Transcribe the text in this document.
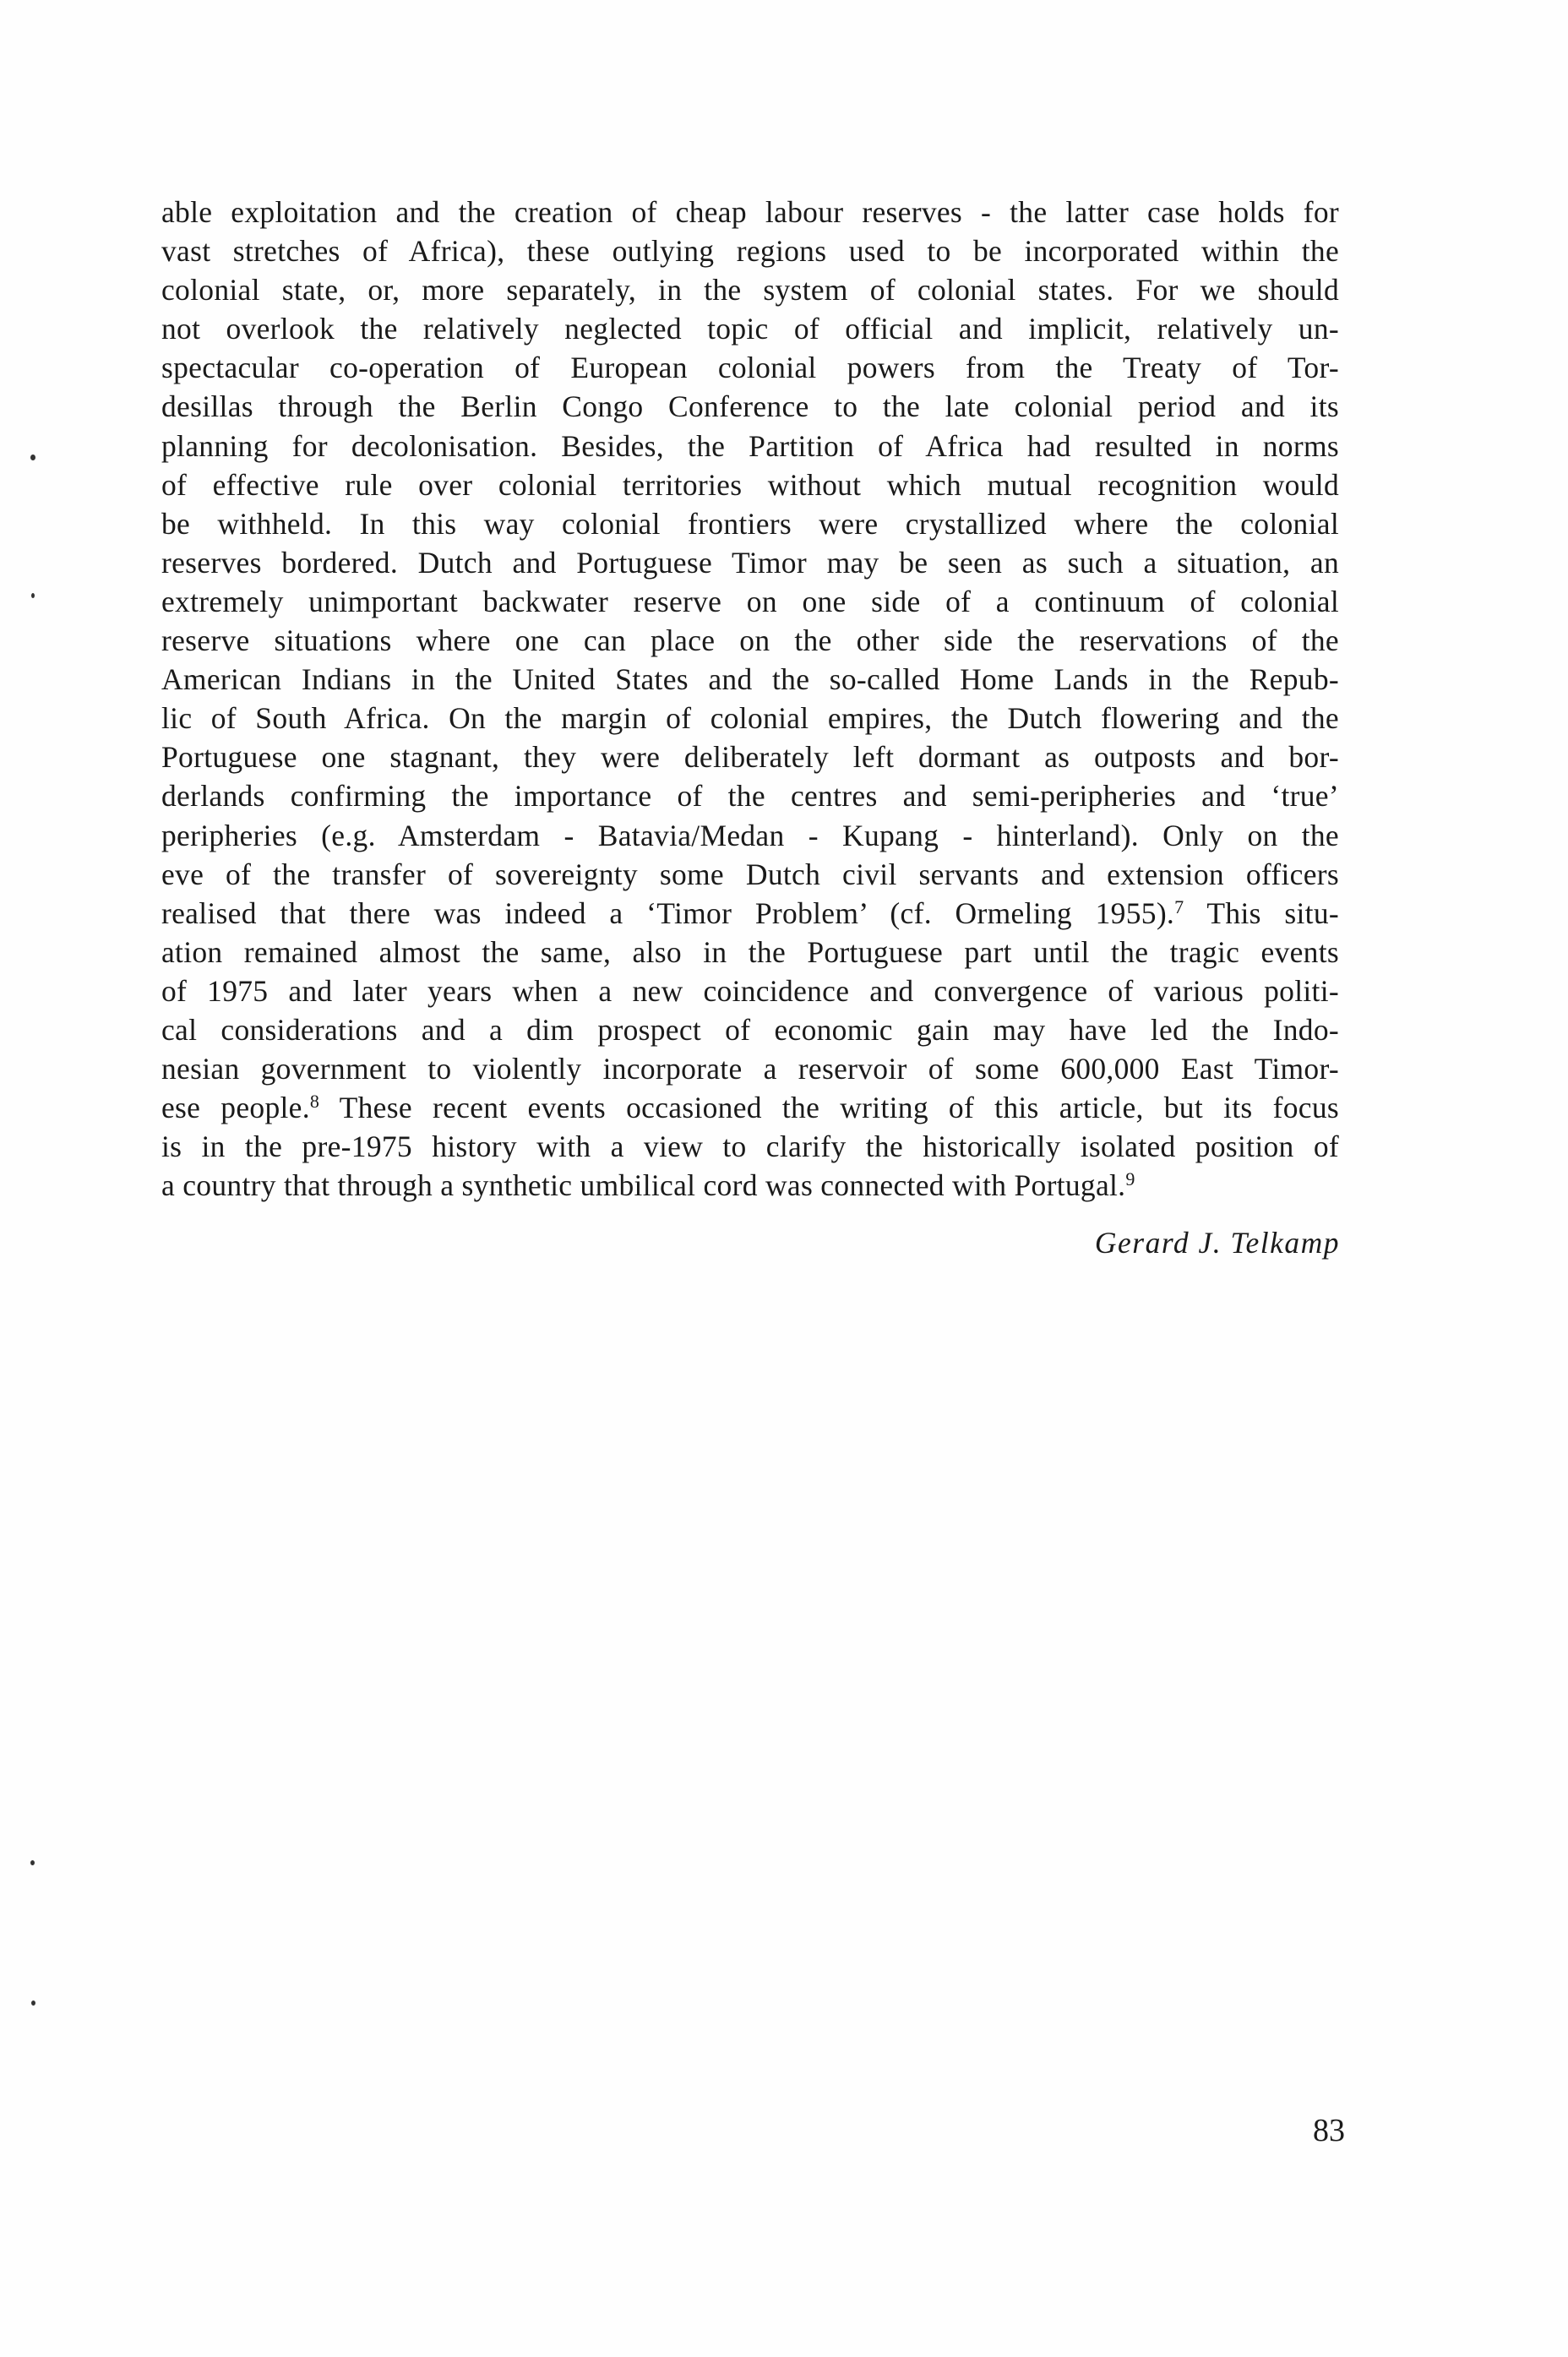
able exploitation and the creation of cheap labour reserves - the latter case holds for
vast stretches of Africa), these outlying regions used to be incorporated within the
colonial state, or, more separately, in the system of colonial states. For we should
not overlook the relatively neglected topic of official and implicit, relatively un-
spectacular co-operation of European colonial powers from the Treaty of Tor-
desillas through the Berlin Congo Conference to the late colonial period and its
planning for decolonisation. Besides, the Partition of Africa had resulted in norms
of effective rule over colonial territories without which mutual recognition would
be withheld. In this way colonial frontiers were crystallized where the colonial
reserves bordered. Dutch and Portuguese Timor may be seen as such a situation, an
extremely unimportant backwater reserve on one side of a continuum of colonial
reserve situations where one can place on the other side the reservations of the
American Indians in the United States and the so-called Home Lands in the Repub-
lic of South Africa. On the margin of colonial empires, the Dutch flowering and the
Portuguese one stagnant, they were deliberately left dormant as outposts and bor-
derlands confirming the importance of the centres and semi-peripheries and ‘true’
peripheries (e.g. Amsterdam - Batavia/Medan - Kupang - hinterland). Only on the
eve of the transfer of sovereignty some Dutch civil servants and extension officers
realised that there was indeed a ‘Timor Problem’ (cf. Ormeling 1955).$^7$ This situ-
ation remained almost the same, also in the Portuguese part until the tragic events
of 1975 and later years when a new coincidence and convergence of various politi-
cal considerations and a dim prospect of economic gain may have led the Indo-
nesian government to violently incorporate a reservoir of some 600,000 East Timor-
ese people.$^8$ These recent events occasioned the writing of this article, but its focus
is in the pre-1975 history with a view to clarify the historically isolated position of
a country that through a synthetic umbilical cord was connected with Portugal.$^9$
Gerard J. Telkamp
83
